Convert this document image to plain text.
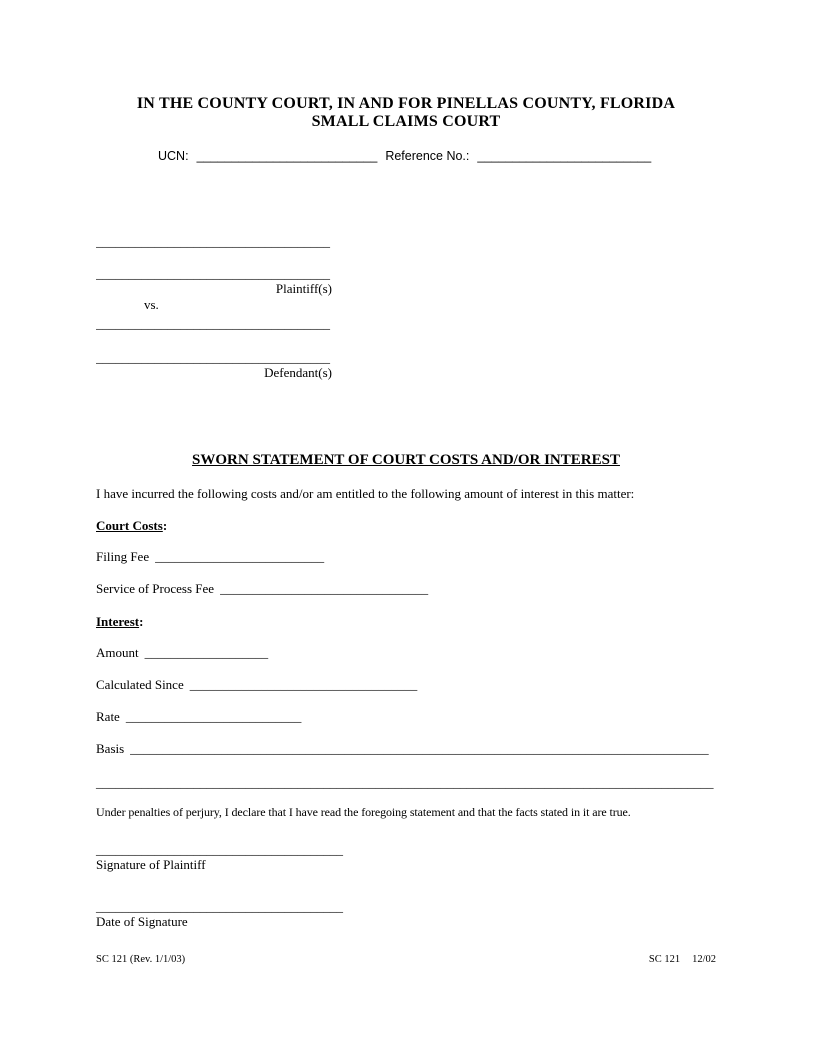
IN THE COUNTY COURT, IN AND FOR PINELLAS COUNTY, FLORIDA
SMALL CLAIMS COURT
UCN: __________________________ Reference No.: _________________________
____________________________________
____________________________________
Plaintiff(s)
vs.
____________________________________
____________________________________
Defendant(s)
SWORN STATEMENT OF COURT COSTS AND/OR INTEREST
I have incurred the following costs and/or am entitled to the following amount of interest in this matter:
Court Costs:
Filing Fee __________________________
Service of Process Fee ________________________________
Interest:
Amount ___________________
Calculated Since ___________________________________
Rate ___________________________
Basis _________________________________________________________________________________________
_______________________________________________________________________________________________
Under penalties of perjury, I declare that I have read the foregoing statement and that the facts stated in it are true.
______________________________________
Signature of Plaintiff
______________________________________
Date of Signature
SC 121 (Rev. 1/1/03)	SC 121 12/02
